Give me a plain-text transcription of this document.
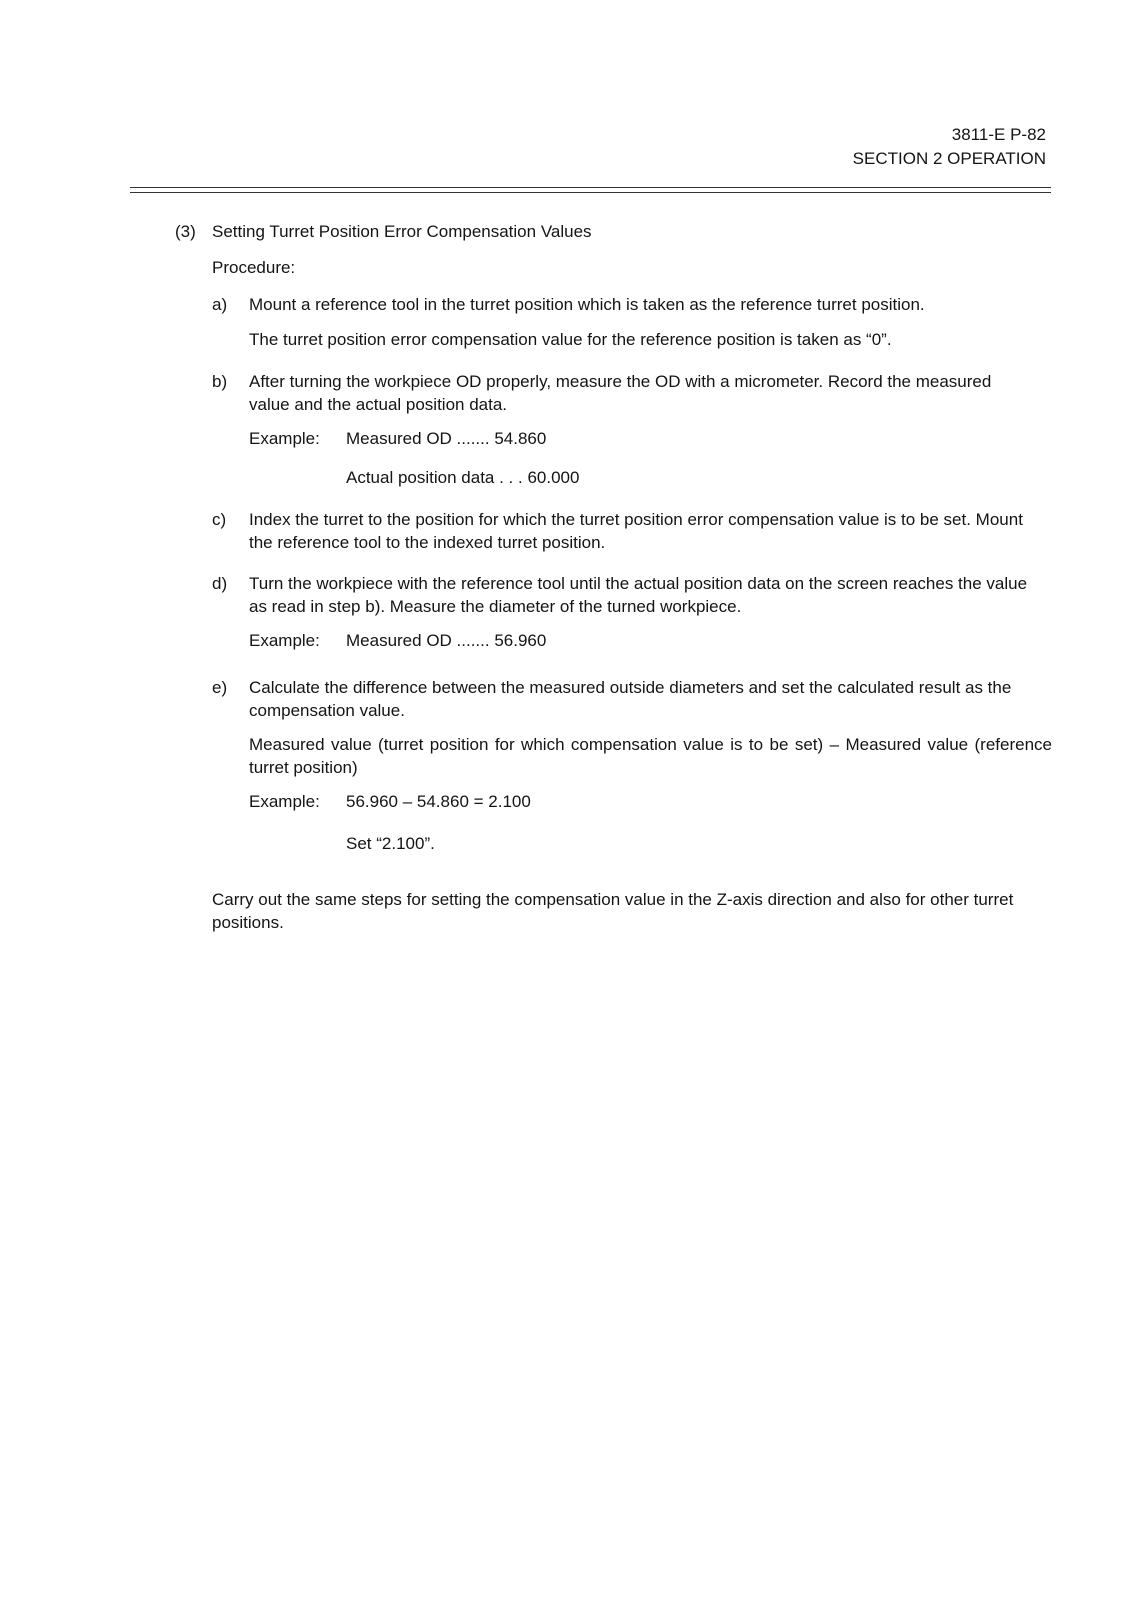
3811-E P-82
SECTION 2 OPERATION
(3) Setting Turret Position Error Compensation Values
Procedure:
a) Mount a reference tool in the turret position which is taken as the reference turret position.
The turret position error compensation value for the reference position is taken as “0”.
b) After turning the workpiece OD properly, measure the OD with a micrometer. Record the measured value and the actual position data.
Example: Measured OD ....... 54.860
Actual position data . . . 60.000
c) Index the turret to the position for which the turret position error compensation value is to be set. Mount the reference tool to the indexed turret position.
d) Turn the workpiece with the reference tool until the actual position data on the screen reaches the value as read in step b). Measure the diameter of the turned workpiece.
Example: Measured OD ....... 56.960
e) Calculate the difference between the measured outside diameters and set the calculated result as the compensation value.
Measured value (turret position for which compensation value is to be set) – Measured value (reference turret position)
Example: 56.960 – 54.860 = 2.100
Set “2.100”.
Carry out the same steps for setting the compensation value in the Z-axis direction and also for other turret positions.
